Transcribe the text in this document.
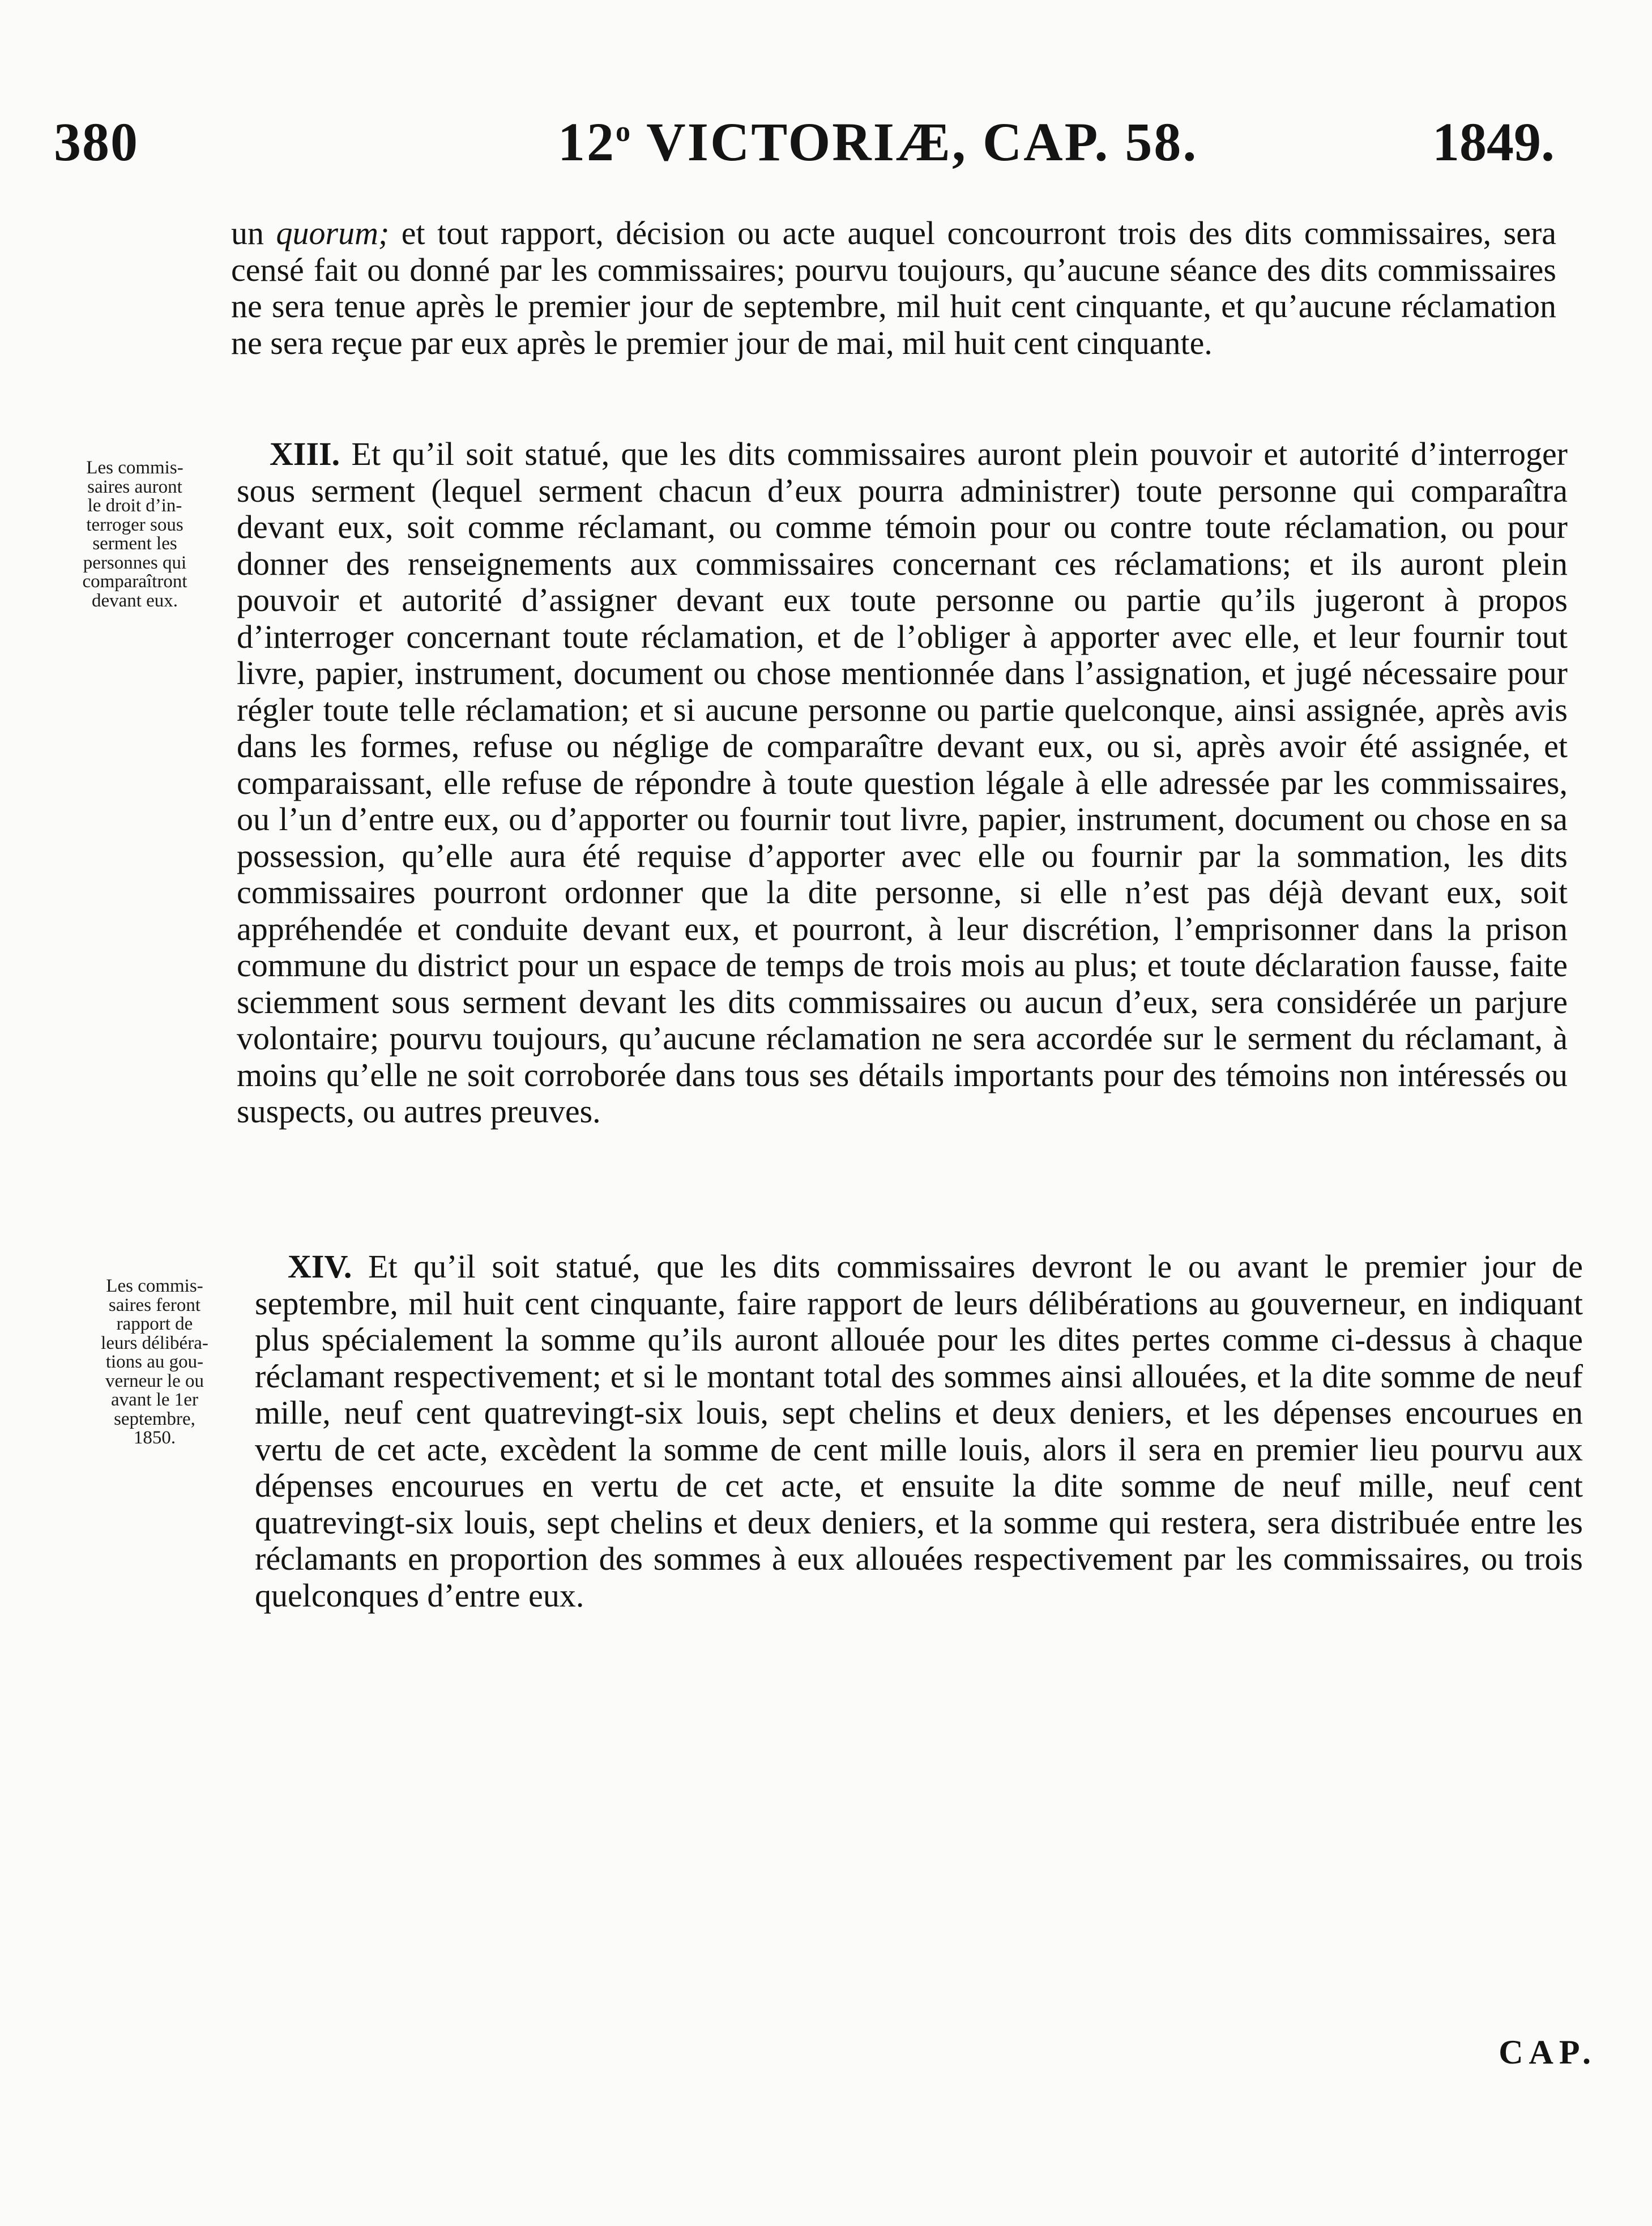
380	12$^o$ VICTORIÆ, CAP. 58.	1849.

un quorum; et tout rapport, décision ou acte auquel concourront trois des dits commissaires, sera censé fait ou donné par les commissaires; pourvu toujours, qu’aucune séance des dits commissaires ne sera tenue après le premier jour de septembre, mil huit cent cinquante, et qu’aucune réclamation ne sera reçue par eux après le premier jour de mai, mil huit cent cinquante.

Les commis-
saires auront
le droit d’in-
terroger sous
serment les
personnes qui
comparaîtront
devant eux.

XIII. Et qu’il soit statué, que les dits commissaires auront plein pouvoir et autorité d’interroger sous serment (lequel serment chacun d’eux pourra administrer) toute personne qui comparaîtra devant eux, soit comme réclamant, ou comme témoin pour ou contre toute réclamation, ou pour donner des renseignements aux commissaires concernant ces réclamations; et ils auront plein pouvoir et autorité d’assigner devant eux toute personne ou partie qu’ils jugeront à propos d’interroger concernant toute réclamation, et de l’obliger à apporter avec elle, et leur fournir tout livre, papier, instrument, document ou chose mentionnée dans l’assignation, et jugé nécessaire pour régler toute telle réclamation; et si aucune personne ou partie quelconque, ainsi assignée, après avis dans les formes, refuse ou néglige de comparaître devant eux, ou si, après avoir été assignée, et comparaissant, elle refuse de répondre à toute question légale à elle adressée par les commissaires, ou l’un d’entre eux, ou d’apporter ou fournir tout livre, papier, instrument, document ou chose en sa possession, qu’elle aura été requise d’apporter avec elle ou fournir par la sommation, les dits commissaires pourront ordonner que la dite personne, si elle n’est pas déjà devant eux, soit appréhendée et conduite devant eux, et pourront, à leur discrétion, l’emprisonner dans la prison commune du district pour un espace de temps de trois mois au plus; et toute déclaration fausse, faite sciemment sous serment devant les dits commissaires ou aucun d’eux, sera considérée un parjure volontaire; pourvu toujours, qu’aucune réclamation ne sera accordée sur le serment du réclamant, à moins qu’elle ne soit corroborée dans tous ses détails importants pour des témoins non intéressés ou suspects, ou autres preuves.

Les commis-
saires feront
rapport de
leurs délibéra-
tions au gou-
verneur le ou
avant le 1er
septembre,
1850.

XIV. Et qu’il soit statué, que les dits commissaires devront le ou avant le premier jour de septembre, mil huit cent cinquante, faire rapport de leurs délibérations au gouverneur, en indiquant plus spécialement la somme qu’ils auront allouée pour les dites pertes comme ci-dessus à chaque réclamant respectivement; et si le montant total des sommes ainsi allouées, et la dite somme de neuf mille, neuf cent quatrevingt-six louis, sept chelins et deux deniers, et les dépenses encourues en vertu de cet acte, excèdent la somme de cent mille louis, alors il sera en premier lieu pourvu aux dépenses encourues en vertu de cet acte, et ensuite la dite somme de neuf mille, neuf cent quatrevingt-six louis, sept chelins et deux deniers, et la somme qui restera, sera distribuée entre les réclamants en proportion des sommes à eux allouées respectivement par les commissaires, ou trois quelconques d’entre eux.

CAP.
